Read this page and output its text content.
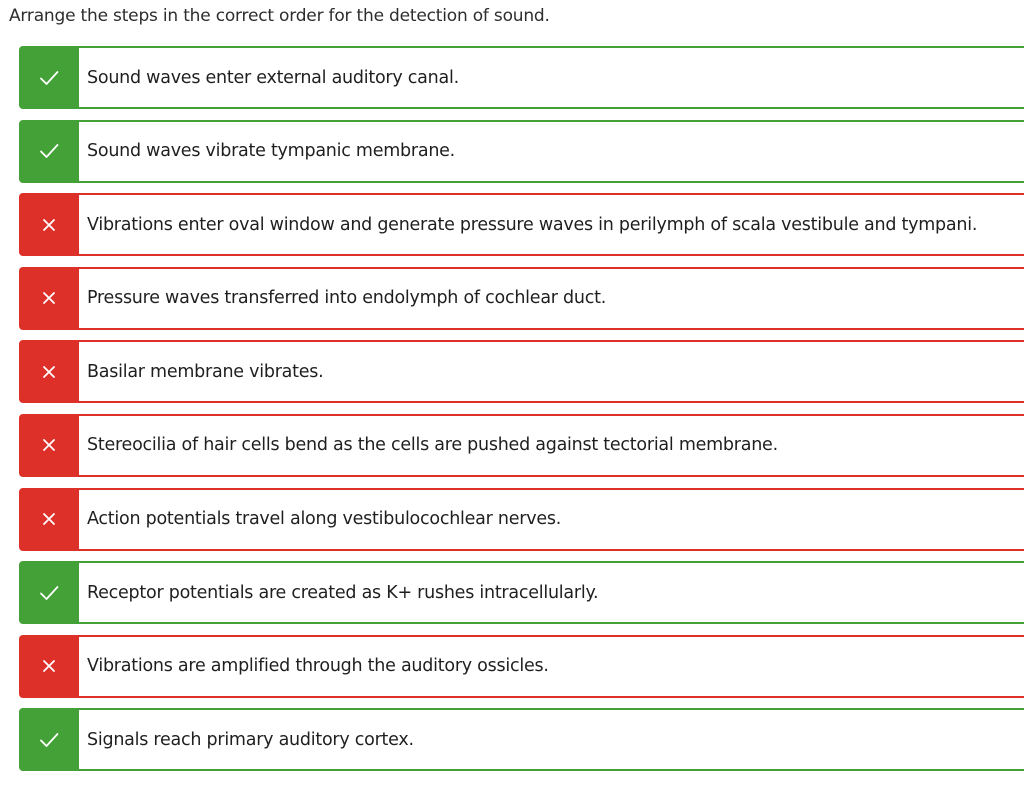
Arrange the steps in the correct order for the detection of sound.
Sound waves enter external auditory canal.
Sound waves vibrate tympanic membrane.
Vibrations enter oval window and generate pressure waves in perilymph of scala vestibule and tympani.
Pressure waves transferred into endolymph of cochlear duct.
Basilar membrane vibrates.
Stereocilia of hair cells bend as the cells are pushed against tectorial membrane.
Action potentials travel along vestibulocochlear nerves.
Receptor potentials are created as K+ rushes intracellularly.
Vibrations are amplified through the auditory ossicles.
Signals reach primary auditory cortex.
